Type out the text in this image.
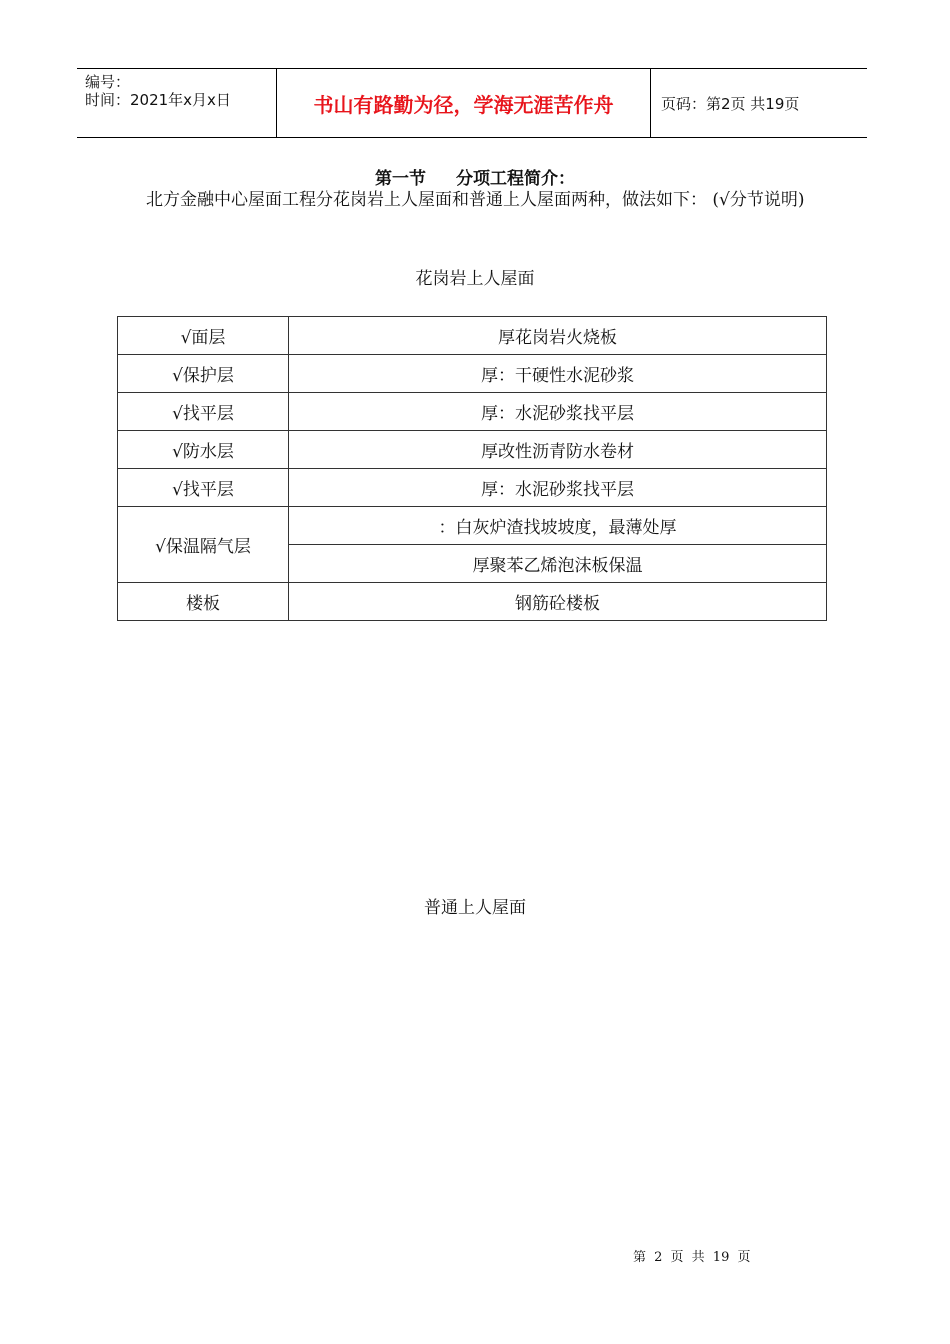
编号：
时间：2021年x月x日	书山有路勤为径，学海无涯苦作舟	页码：第2页 共19页
第一节 分项工程简介：
北方金融中心屋面工程分花岗岩上人屋面和普通上人屋面两种，做法如下： (√分节说明)
花岗岩上人屋面
√面层	厚花岗岩火烧板
√保护层	厚：干硬性水泥砂浆
√找平层	厚：水泥砂浆找平层
√防水层	厚改性沥青防水卷材
√找平层	厚：水泥砂浆找平层
√保温隔气层	：白灰炉渣找坡坡度，最薄处厚
	厚聚苯乙烯泡沫板保温
楼板	钢筋砼楼板
普通上人屋面
第 2 页 共 19 页
